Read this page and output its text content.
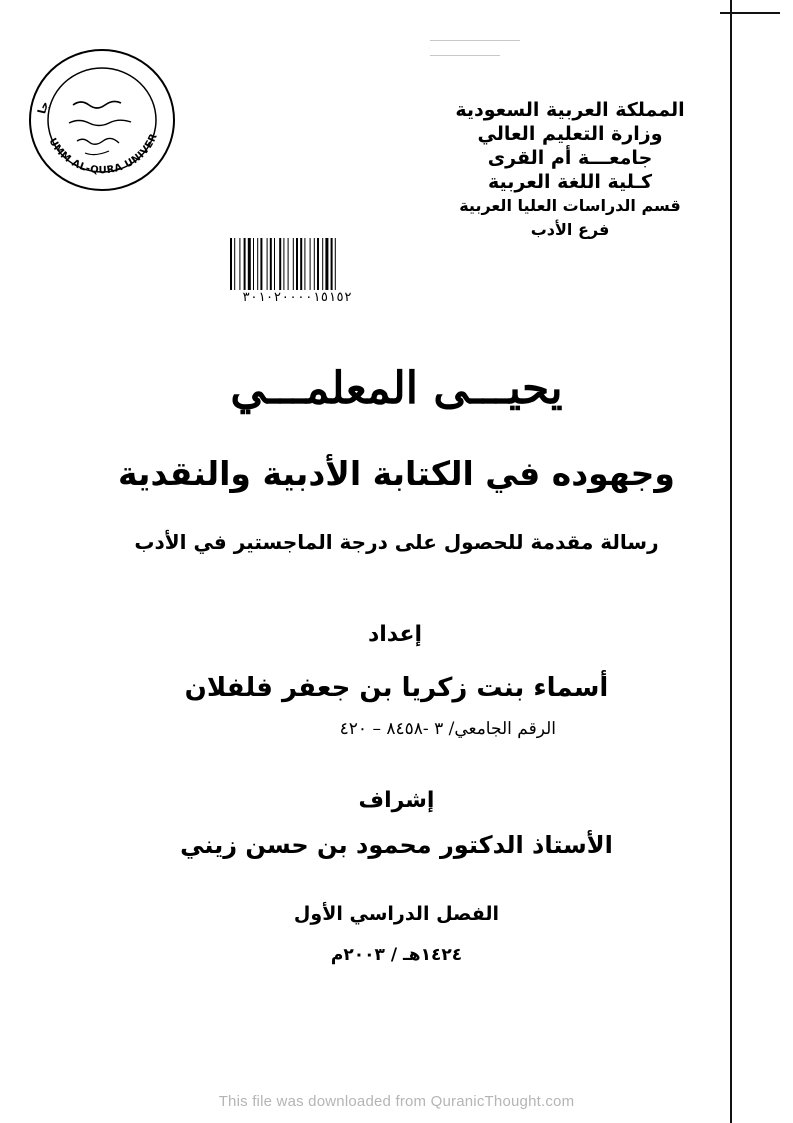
UMM AL-QURA UNIVER
جا	المملكة العربية السعودية
وزارة التعليم العالي
جامعـــة أم القرى
كـلية اللغة العربية
قسم الدراسات العليا العربية
فرع الأدب
٣٠١٠٢٠٠٠٠١٥١٥٢
يحيـــى المعلمـــي
وجهوده في الكتابة الأدبية والنقدية
رسالة مقدمة للحصول على درجة الماجستير في الأدب
إعداد
أسماء بنت زكريا بن جعفر فلفلان
الرقم الجامعي/ ٣ -٨٤٥٨ – ٤٢٠
إشراف
الأستاذ الدكتور محمود بن حسن زيني
الفصل الدراسي الأول
١٤٢٤هـ / ٢٠٠٣م
This file was downloaded from QuranicThought.com
